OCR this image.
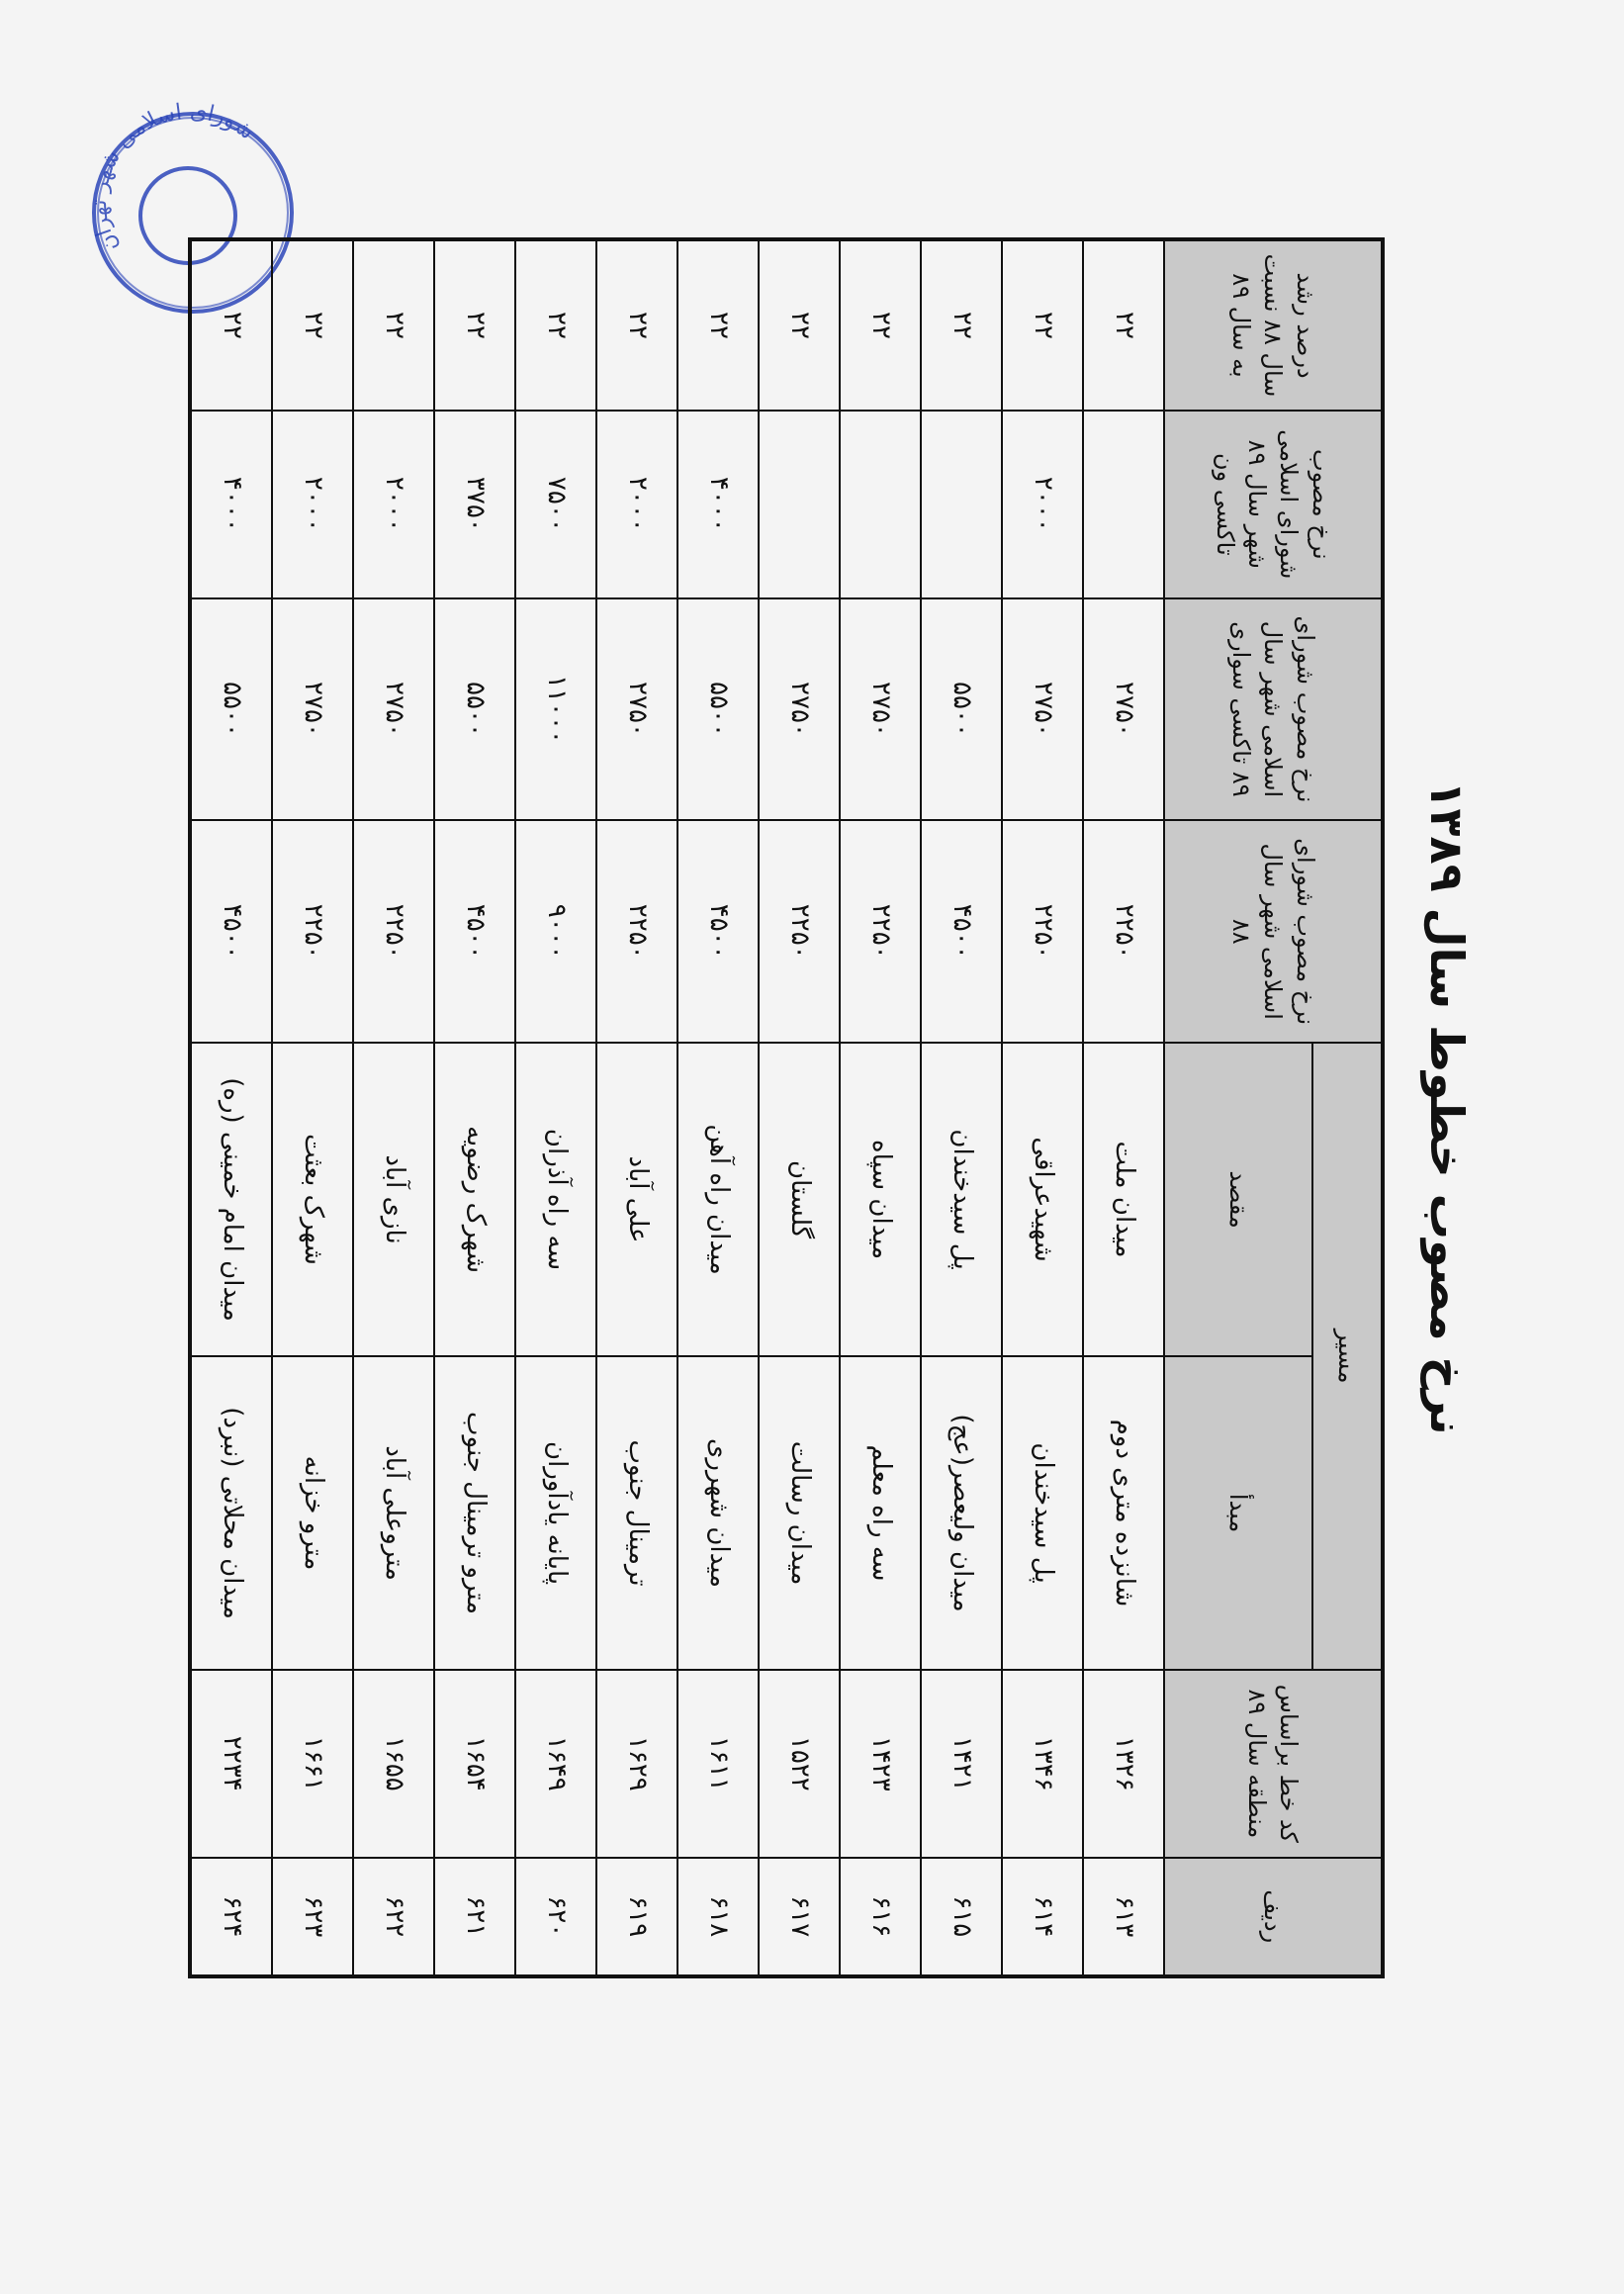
شورای اسلامی شهر تهران
نرخ مصوب خطوط سال ۱۳۸۹
ردیف	کد خط براساس منطقه سال ۸۹	مسیر		نرخ مصوب شورای اسلامی شهر سال ۸۸	نرخ مصوب شورای اسلامی شهر سال ۸۹ تاکسی سواری	نرخ مصوب شورای اسلامی شهر سال ۸۹ تاکسی ون	درصد رشد سال ۸۸ نسبت به سال ۸۹
		مبدأ	مقصد				
۶۱۳	۱۳۲۶	شانزده متری دوم	میدان ملت	۲۲۵۰	۲۷۵۰		۲۲
۶۱۴	۱۳۴۶	پل سیدخندان	شهیدعراقی	۲۲۵۰	۲۷۵۰	۲۰۰۰	۲۲
۶۱۵	۱۴۲۱	میدان ولیعصر(عج)	پل سیدخندان	۴۵۰۰	۵۵۰۰		۲۲
۶۱۶	۱۴۲۳	سه راه معلم	میدان سپاه	۲۲۵۰	۲۷۵۰		۲۲
۶۱۷	۱۵۲۲	میدان رسالت	گلستان	۲۲۵۰	۲۷۵۰		۲۲
۶۱۸	۱۶۱۱	میدان شهرری	میدان راه آهن	۴۵۰۰	۵۵۰۰	۴۰۰۰	۲۲
۶۱۹	۱۶۲۹	ترمینال جنوب	علی آباد	۲۲۵۰	۲۷۵۰	۲۰۰۰	۲۲
۶۲۰	۱۶۴۹	پایانه یادآوران	سه راه آذران	۹۰۰۰	۱۱۰۰۰	۷۵۰۰	۲۲
۶۲۱	۱۶۵۴	مترو ترمینال جنوب	شهرک رضویه	۴۵۰۰	۵۵۰۰	۳۷۵۰	۲۲
۶۲۲	۱۶۵۵	متروعلی آباد	نازی آباد	۲۲۵۰	۲۷۵۰	۲۰۰۰	۲۲
۶۲۳	۱۶۶۱	مترو خزانه	شهرک بعثت	۲۲۵۰	۲۷۵۰	۲۰۰۰	۲۲
۶۲۴	۲۲۳۴	میدان محلاتی (نبرد)	میدان امام خمینی (ره)	۴۵۰۰	۵۵۰۰	۴۰۰۰	۲۲
